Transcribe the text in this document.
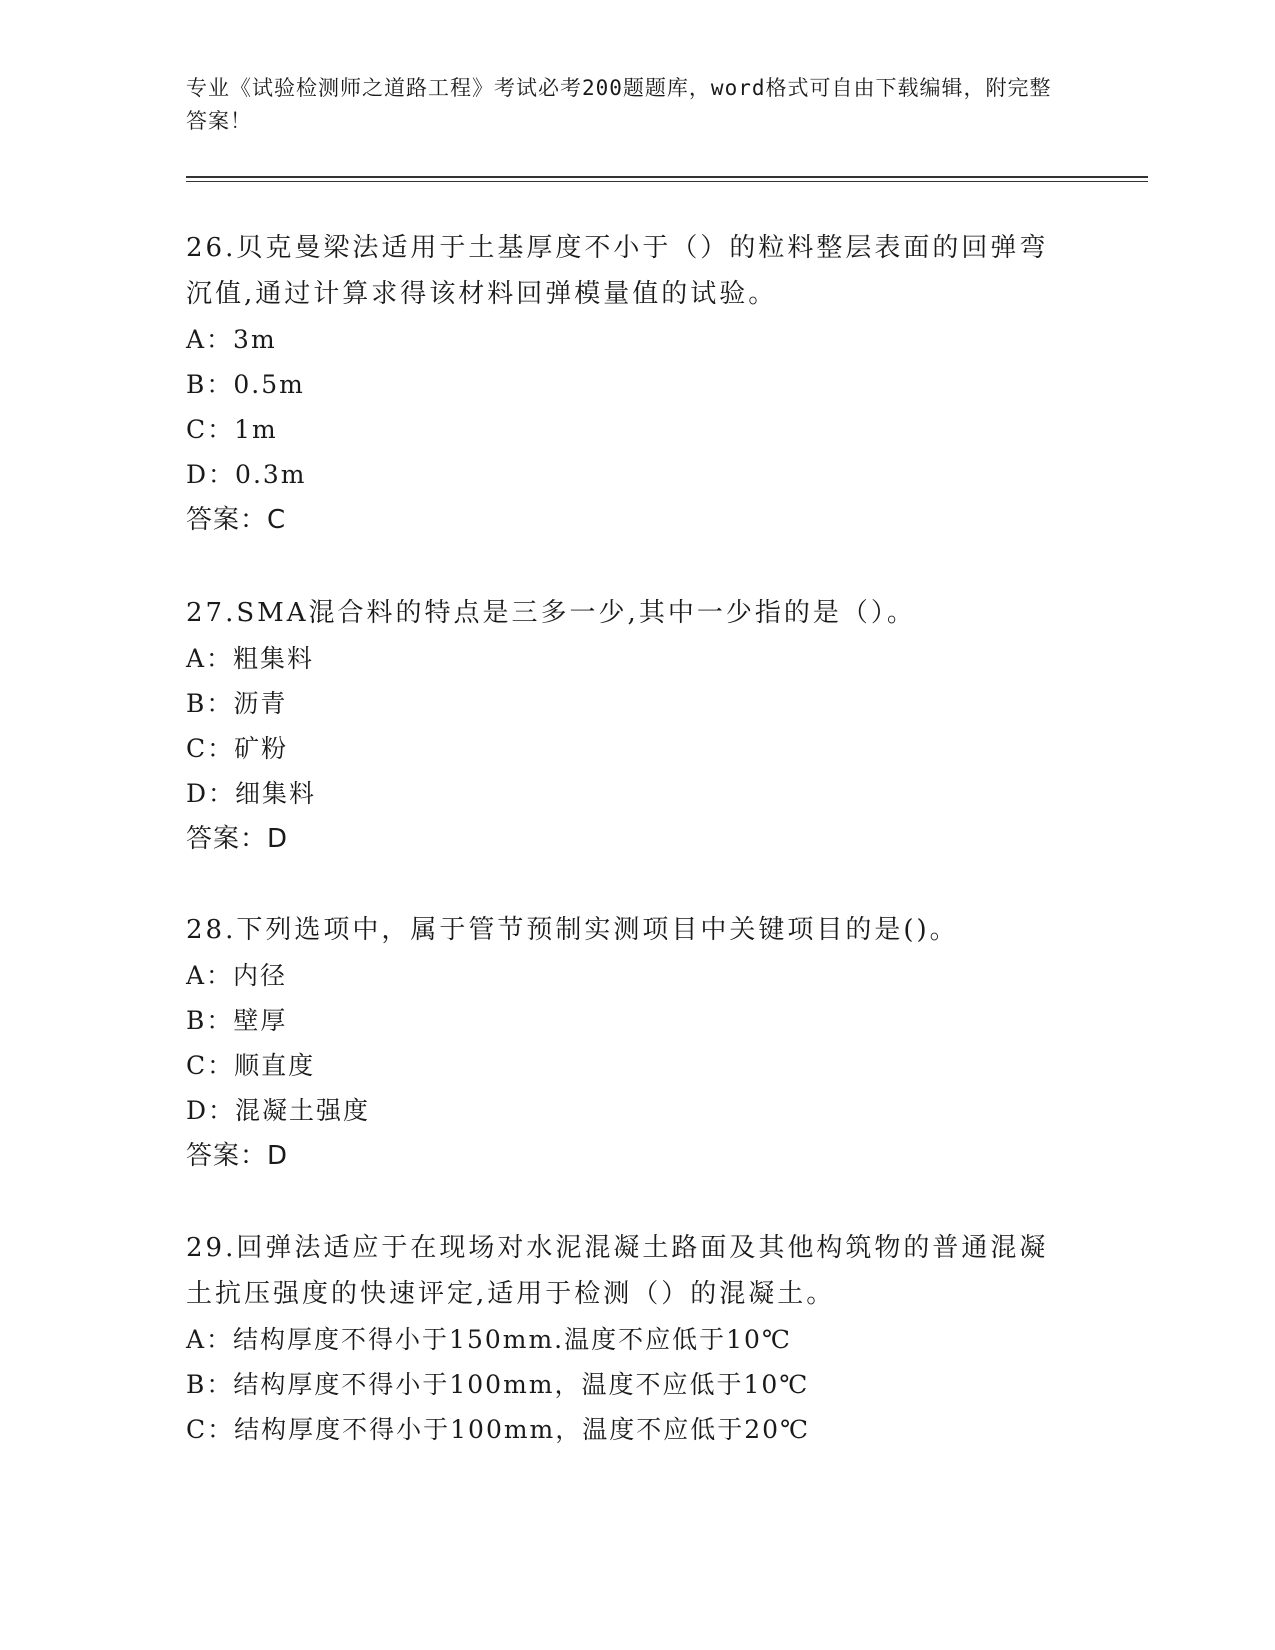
专业《试验检测师之道路工程》考试必考200题题库，word格式可自由下载编辑，附完整答案！

26.贝克曼梁法适用于土基厚度不小于（）的粒料整层表面的回弹弯沉值,通过计算求得该材料回弹模量值的试验。

A：3m

B：0.5m

C：1m

D：0.3m

答案：C

27.SMA混合料的特点是三多一少,其中一少指的是（）。

A：粗集料

B：沥青

C：矿粉

D：细集料

答案：D

28.下列选项中，属于管节预制实测项目中关键项目的是()。

A：内径

B：壁厚

C：顺直度

D：混凝土强度

答案：D

29.回弹法适应于在现场对水泥混凝土路面及其他构筑物的普通混凝土抗压强度的快速评定,适用于检测（）的混凝土。

A：结构厚度不得小于150mm.温度不应低于10℃

B：结构厚度不得小于100mm，温度不应低于10℃

C：结构厚度不得小于100mm，温度不应低于20℃
